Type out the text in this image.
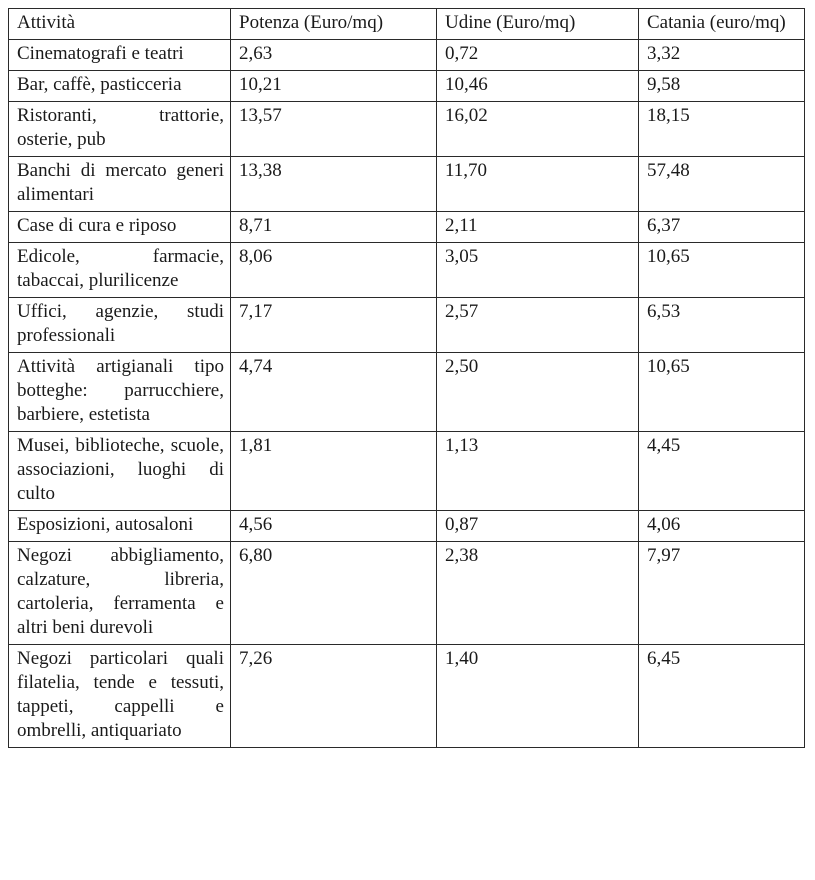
Attività	Potenza (Euro/mq)	Udine (Euro/mq)	Catania (euro/mq)
Cinematografi e teatri	2,63	0,72	3,32
Bar, caffè, pasticceria	10,21	10,46	9,58
Ristoranti, trattorie, osterie, pub	13,57	16,02	18,15
Banchi di mercato generi alimentari	13,38	11,70	57,48
Case di cura e riposo	8,71	2,11	6,37
Edicole, farmacie, tabaccai, plurilicenze	8,06	3,05	10,65
Uffici, agenzie, studi professionali	7,17	2,57	6,53
Attività artigianali tipo botteghe: parrucchiere, barbiere, estetista	4,74	2,50	10,65
Musei, biblioteche, scuole, associazioni, luoghi di culto	1,81	1,13	4,45
Esposizioni, autosaloni	4,56	0,87	4,06
Negozi abbigliamento, calzature, libreria, cartoleria, ferramenta e altri beni durevoli	6,80	2,38	7,97
Negozi particolari quali filatelia, tende e tessuti, tappeti, cappelli e ombrelli, antiquariato	7,26	1,40	6,45
